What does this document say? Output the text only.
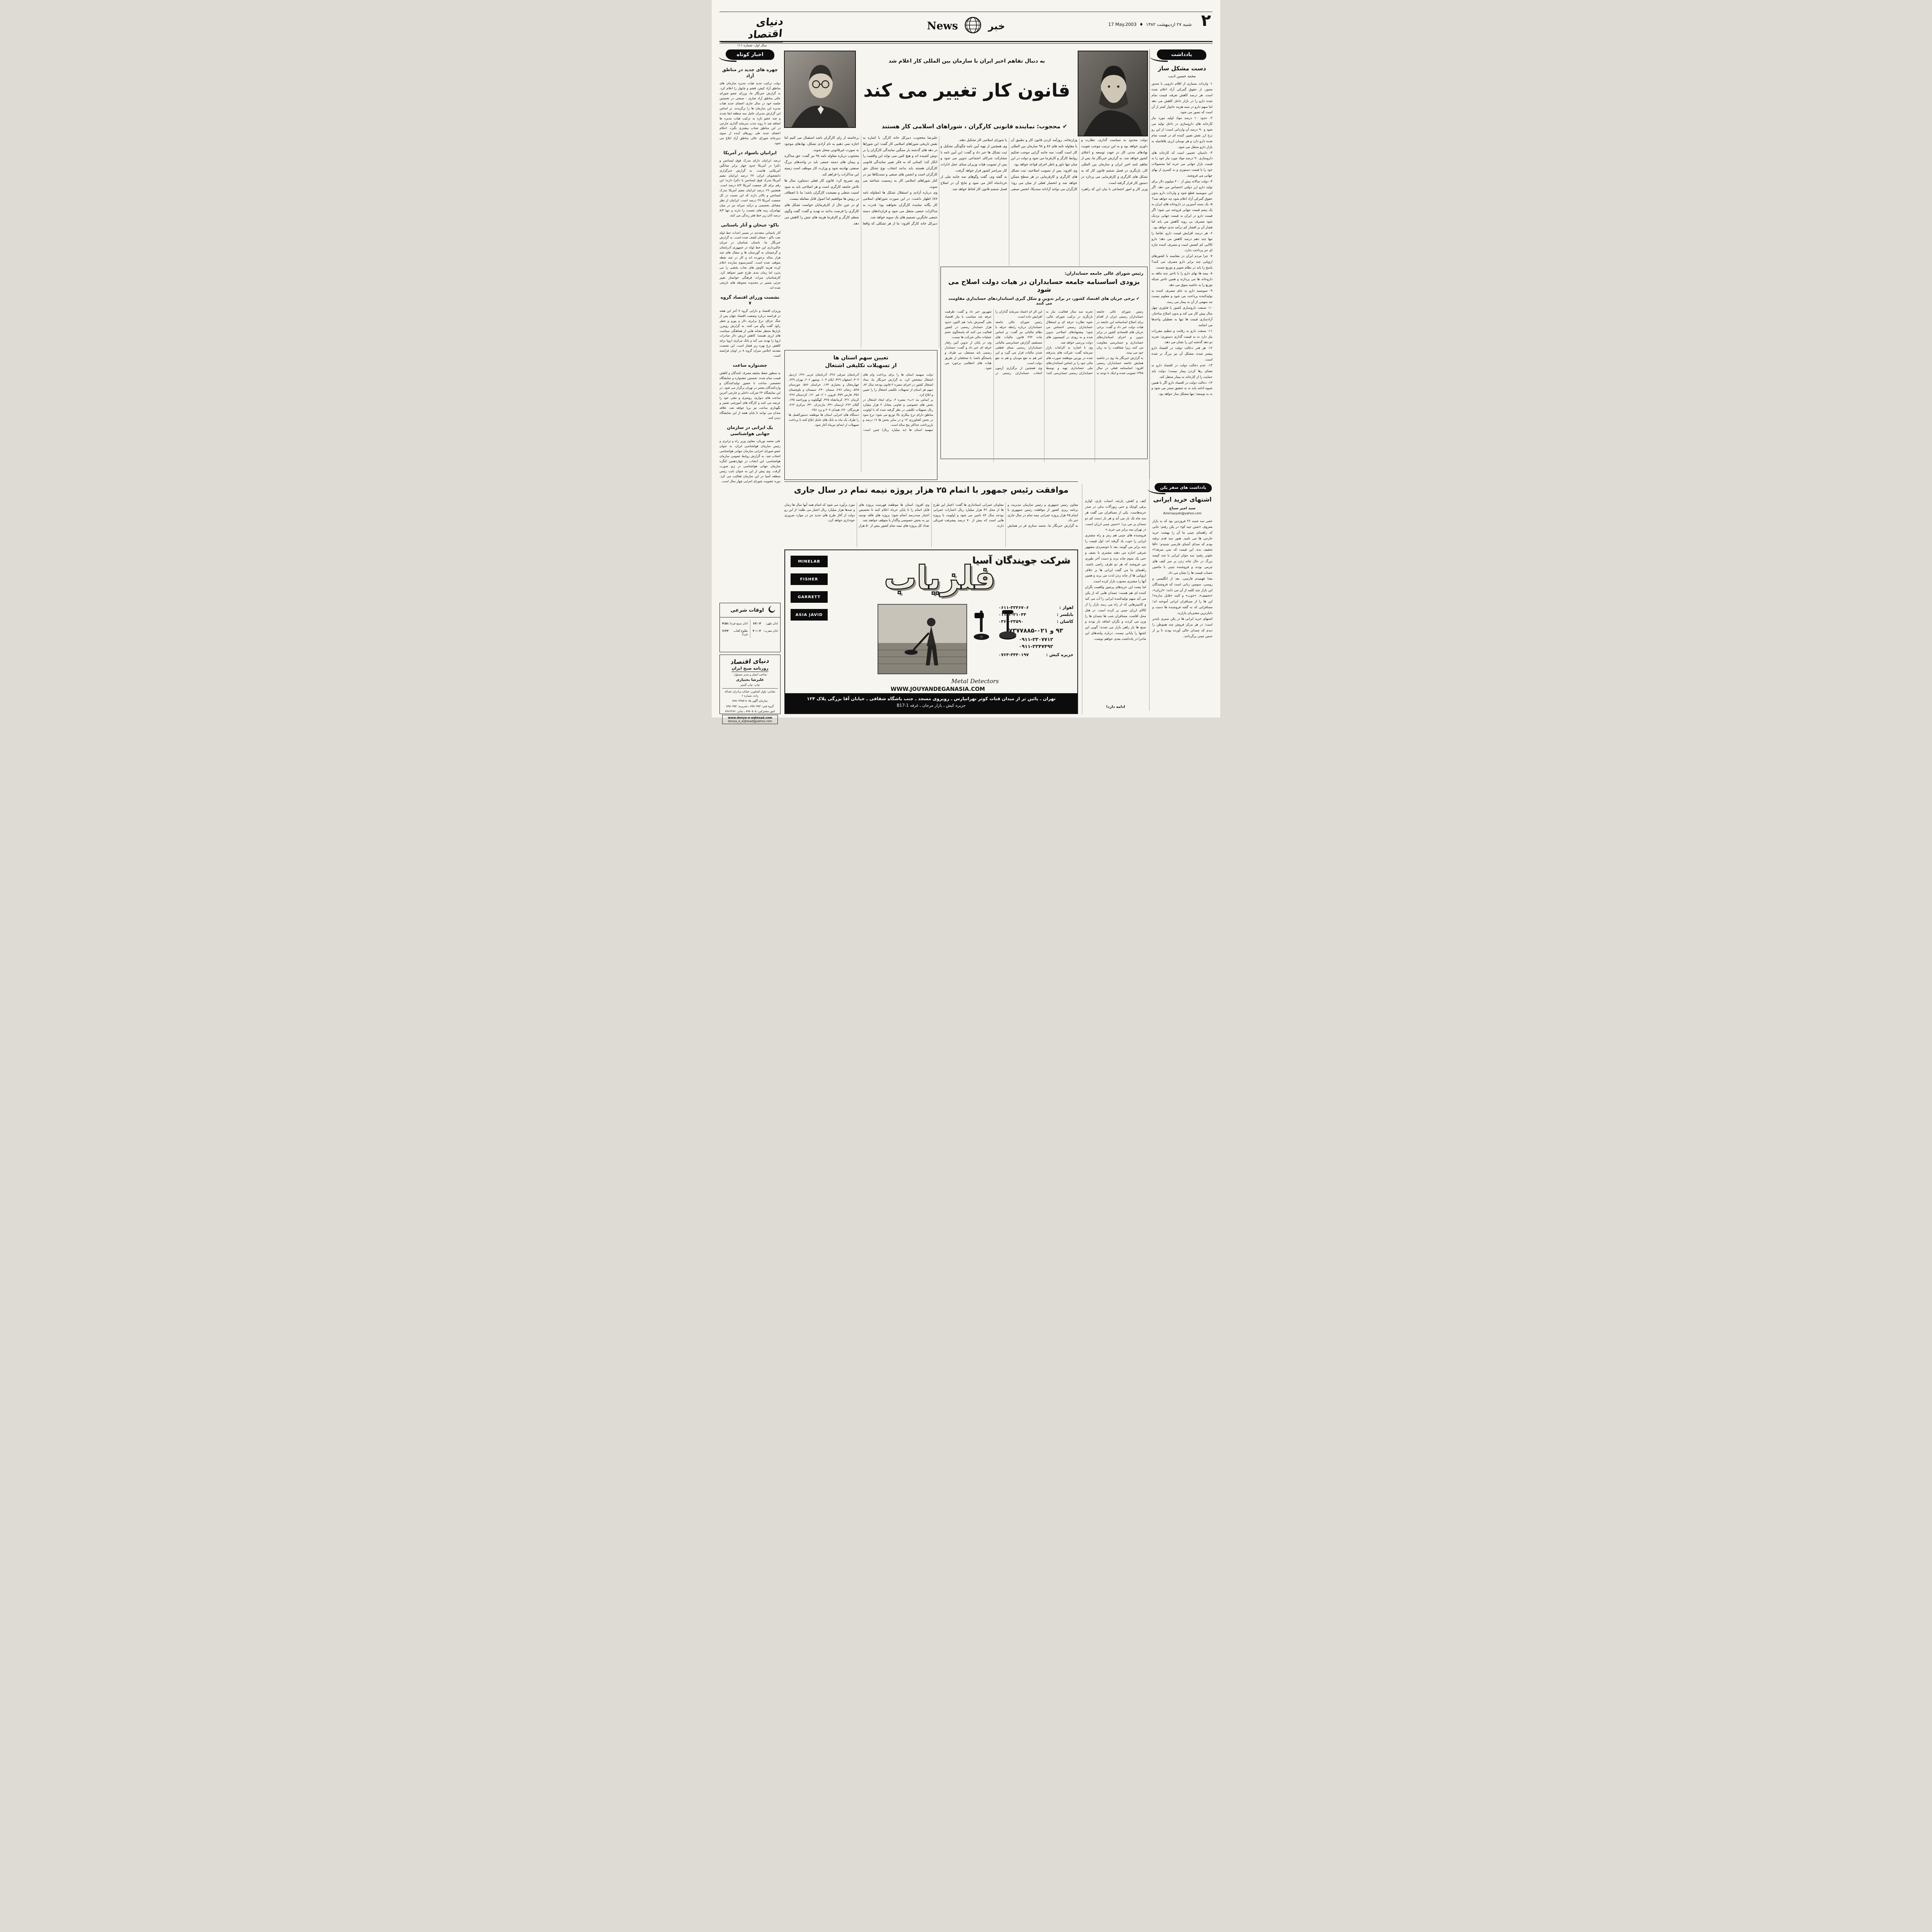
دنیای اقتصاد
سال اول- شماره ۱۱۱
خبر
News	شنبه ۲۷ اردیبهشت ۱۳۸۲
♦
17 May.2003	۲
یادداشت
دست مشکل ساز
محمد حسین ادیب
۱- واردات بسیاری از اقلام دارویی با صدور مجوز، از حقوق گمرکی آزاد اعلام شده است. هر درصد کاهش تعرفه، قیمت تمام شده دارو را در بازار داخل کاهش می دهد اما سهم دارو در سبد هزینه خانوار کمتر از آن است که تصور می شود.
۲- حدود ۱۰ درصد مواد اولیه مورد نیاز کارخانه های داروسازی در داخل تولید می شود و ۹۰ درصد آن وارداتی است؛ از این رو نرخ ارز نقش تعیین کننده ای در قیمت تمام شده دارو دارد و هر نوسان ارزی بلافاصله به بازار دارو منتقل می شود.
۳- داستان عجیبی است که کارخانه های داروسازی ۹۰ درصد مواد مورد نیاز خود را به قیمت بازار جهانی می خرند اما محصولات خود را با قیمت دستوری و به کسری از بهای جهانی می فروشند.
۴- دولت سالانه بیش از ۲۰۰ میلیون دلار برای تولید دارو ارز دولتی اختصاص می دهد. اگر این سوبسید قطع شود و واردات دارو بدون حقوق گمرکی آزاد اعلام شود چه خواهد شد؟
۵- یک بسته آسپرین در داروخانه های ایران به یک پنجم قیمت جهانی فروخته می شود؛ اگر قیمت دارو در ایران به قیمت جهانی نزدیک شود مصرف بی رویه کاهش می یابد اما فشار آن بر اقشار کم درآمد جدی خواهد بود.
۶- هر درصد افزایش قیمت دارو، تقاضا را تنها چند دهم درصد کاهش می دهد؛ دارو کالایی کم کشش است و مصرف کننده چاره ای جز پرداخت ندارد.
۷- چرا مردم ایران در مقایسه با کشورهای اروپایی چند برابر دارو مصرف می کنند؟ پاسخ را باید در نظام تجویز و توزیع جست.
۸- بیمه ها بهای دارو را با تاخیر چند ماهه به داروخانه ها می پردازند و همین تاخیر شبکه توزیع را به حاشیه سوق می دهد.
۹- سوبسید دارو به جای مصرف کننده به تولیدکننده پرداخت می شود و معلوم نیست چه سهمی از آن به بیمار می رسد.
۱۰- صنعت داروسازی کشور با فناوری چهل سال پیش کار می کند و بدون اصلاح ساختار، آزادسازی قیمت ها تنها به تعطیلی واحدها می انجامد.
۱۱- صنعت دارو به رقابت و تنظیم مقررات نیاز دارد نه به قیمت گذاری دستوری؛ تجربه دو دهه گذشته این را نشان می دهد.
۱۲- هر قدر دخالت دولت در اقتصاد دارو بیشتر شده، مشکل آن نیز بزرگ تر شده است.
۱۳- عدم دخالت دولت در اقتصاد دارو به معنای رها کردن بیمار نیست؛ دولت باید حمایت را از کارخانه به بیمار منتقل کند.
۱۴- دخالت دولت در اقتصاد دارو اگر با همین شیوه ادامه یابد نه به تحقیق منجر می شود و نه به توسعه؛ تنها مشکل ساز خواهد بود.
به دنبال تفاهم اخیر ایران با سازمان بین المللی کار اعلام شد
قانون کار تغییر می کند
✔ محجوب: نماینده قانونی کارگران ، شوراهای اسلامی کار هستند
دولت محدود به سیاست گذاری، نظارت و داوری خواهد بود و به این ترتیب موجب تقویت نهادهای مدنی کار در جهت توسعه و اعتلای کشور خواهد شد. به گزارش خبرنگار ما، پس از تفاهم نامه اخیر ایران و سازمان بین المللی کار، بازنگری در فصل ششم قانون کار که به تشکل های کارگری و کارفرمایی می پردازد در دستور کار قرار گرفته است.
وزیر کار و امور اجتماعی با بیان این که راهبرد وزارتخانه، روزآمد کردن قانون کار و تطبیق آن با مقاوله نامه های ۸۷ و ۹۸ سازمان بین المللی کار است گفت: سه جانبه گرایی موجب تحکیم روابط کارگر و کارفرما می شود و دولت در این میان تنها داور و ناظر اجرای قواعد خواهد بود.
وی افزود: پس از تصویب اصلاحیه، ثبت تشکل های کارگری و کارفرمایی در هر سطح ممکن خواهد شد و انحصار فعلی از میان می رود؛ کارگران می توانند آزادانه سندیکا، انجمن صنفی یا شورای اسلامی کار تشکیل دهند.
وی همچنین از تهیه آیین نامه چگونگی تشکیل و ثبت تشکل ها خبر داد و گفت: این آیین نامه با مشارکت شرکای اجتماعی تدوین می شود و پس از تصویب هیات وزیران مبنای عمل ادارات کار سراسر کشور قرار خواهد گرفت.
به گفته وی، گفت وگوهای سه جانبه ملی از خردادماه آغاز می شود و نتایج آن در اصلاح فصل ششم قانون کار لحاظ خواهد شد.
علیرضا محجوب، دبیرکل خانه کارگر، با اشاره به نقش تاریخی شوراهای اسلامی کار گفت: این شوراها در دهه های گذشته بار سنگین نمایندگی کارگران را بر دوش کشیده اند و هیچ کس نمی تواند این واقعیت را انکار کند؛ کسانی که به فکر تغییر نمایندگی قانونی کارگران هستند باید بدانند انتخاب نوع تشکل حق کارگران است و انجمن های صنفی و سندیکاها نیز در کنار شوراهای اسلامی کار به رسمیت شناخته می شوند.
وی درباره آزادی و استقلال تشکل ها (مقاوله نامه ۸۷) اظهار داشت: در این صورت شوراهای اسلامی کار یگانه نماینده کارگران نخواهند بود؛ قدرت به مذاکرات جمعی منتقل می شود و قراردادهای دسته جمعی جایگزین تصمیم های یک سویه خواهد شد.
دبیرکل خانه کارگر افزود: ما از هر تشکلی که واقعا برخاسته از رای کارگران باشد استقبال می کنیم اما اجازه نمی دهیم به نام آزادی تشکل، نهادهای موجود به صورت غیرقانونی منحل شوند.
محجوب درباره مقاوله نامه ۹۸ نیز گفت: حق مذاکره و پیمان های دسته جمعی باید در واحدهای بزرگ صنعتی نهادینه شود و وزارت کار موظف است زمینه این مذاکرات را فراهم کند.
وی تصریح کرد: قانون کار فعلی دستاورد سال ها تلاش جامعه کارگری است و هر اصلاحی باید به سود امنیت شغلی و معیشت کارگران باشد؛ ما با انعطاف در روش ها موافقیم اما اصول قابل معامله نیست.
او در عین حال از کارفرمایان خواست تشکل های کارگری را فرصت بدانند نه تهدید و گفت: گفت وگوی منظم کارگر و کارفرما هزینه های تنش را کاهش می دهد.
اخبار کوتاه
چهره های جدید در مناطق آزاد
دولت ترکیب جدید هیات مدیره سازمان های مناطق آزاد کیش، قشم و چابهار را اعلام کرد. به گزارش خبرنگار ما، وزرای عضو شورای عالی مناطق آزاد تجاری - صنعتی در نخستین جلسه خود در سال جاری اعضای جدید هیات مدیره این سازمان ها را برگزیدند. بر اساس این گزارش مدیران عامل سه منطقه ابقا شدند و چند عضو تازه به ترکیب هیات مدیره ها اضافه شد تا روند جذب سرمایه گذاری خارجی در این مناطق شتاب بیشتری بگیرد. احکام اعضای جدید طی روزهای آینده از سوی دبیرخانه شورای عالی مناطق آزاد ابلاغ می شود.
ایرانیان باسواد در آمریکا
درصد ایرانیان دارای مدرک فوق لیسانس و دکترا در آمریکا حدود چهار برابر میانگین آمریکایی هاست. به گزارش خبرگزاری دانشجویان ایران، ۲۷ درصد ایرانیان مقیم آمریکا مدرک فوق لیسانس یا دکترا دارند؛ این رقم برای کل جمعیت آمریکا ۸/۴ درصد است. همچنین ۶۹ درصد ایرانیان مقیم آمریکا مدرک لیسانس و بالاتر دارند که این نسبت در کل جمعیت آمریکا ۲۷ درصد است. ایرانیان از نظر مشاغل تخصصی و درآمد سرانه نیز در میان مهاجران رتبه های نخست را دارند و تنها ۸/۴ درصد آنان زیر خط فقر زندگی می کنند.
باکو- جیحان و آثار باستانی
آثار باستانی متعددی در مسیر احداث خط لوله نفت باکو - جیحان کشف شده است. به گزارش خبرنگار ما، باستان شناسان در جریان خاکبرداری این خط لوله در جمهوری آذربایجان و گرجستان به گورستان ها و سفال های چند هزار ساله برخورده اند و کار در چند نقطه متوقف شده است. کنسرسیوم سازنده اعلام کرده هزینه کاوش های نجات بخشی را می پذیرد اما زمان بندی طرح تغییر نخواهد کرد. کارشناسان میراث فرهنگی خواستار تغییر جزئی مسیر در محدوده محوطه های تاریخی شده اند.
نشست وزرای اقتصاد گروه ۷
وزیران اقتصاد و دارایی گروه ۷ آخر این هفته در فرانسه درباره وضعیت اقتصاد جهان پس از جنگ عراق، نرخ برابری دلار و یورو و خطر رکود گفت وگو می کنند. به گزارش رویترز، بازارها منتظر نشانه هایی از هماهنگی سیاست های ارزی هستند؛ کاهش ارزش دلار صادرات اروپا را تهدید می کند و بانک مرکزی اروپا برای کاهش نرخ بهره زیر فشار است. این نشست مقدمه اجلاس سران گروه ۸ در اویان فرانسه است.
جشنواره ساعت
به منظور حفظ سلیقه مصرف کنندگان و کاهش قیمت تمام شده، نخستین جشنواره و نمایشگاه تخصصی ساعت با حضور تولیدکنندگان و واردکنندگان معتبر در تهران برگزار می شود. در این نمایشگاه ۲۴ شرکت داخلی و خارجی آخرین ساعت های دیواری، رومیزی و مچی خود را عرضه می کنند و کارگاه های آموزشی تعمیر و نگهداری ساعت نیز برپا خواهد شد. علاقه مندان می توانند تا پایان هفته از این نمایشگاه دیدن کنند.
یک ایرانی در سازمان جهانی هواشناسی
علی محمد نوریان، معاون وزیر راه و ترابری و رئیس سازمان هواشناسی ایران، به عنوان عضو شورای اجرایی سازمان جهانی هواشناسی انتخاب شد. به گزارش روابط عمومی سازمان هواشناسی، این انتخاب در چهاردهمین کنگره سازمان جهانی هواشناسی در ژنو صورت گرفت. وی پیش از این به عنوان نایب رئیس منطقه آسیا در این سازمان فعالیت می کرد. دوره عضویت شورای اجرایی چهار سال است.
تعیین سهم استان ها
از تسهیلات تکلیفی اشتغال
دولت سهمیه استان ها را برای پرداخت وام های اشتغال مشخص کرد. به گزارش خبرنگار ما، ستاد اشتغال کشور در اجرای تبصره ۳ قانون بودجه سال ۸۲، سهم هر استان از تسهیلات تکلیفی اشتغال زا را تعیین و ابلاغ کرد.
بر اساس بند «ب» تبصره ۳، برای ایجاد اشتغال در بخش های خصوصی و تعاونی معادل ۳ هزار میلیارد ریال تسهیلات تکلیفی در نظر گرفته شده که با اولویت مناطق دارای نرخ بیکاری بالا توزیع می شود؛ نرخ سود در بخش کشاورزی ۱۳ و در سایر بخش ها ۱۶ درصد و بازپرداخت حداکثر پنج ساله است.
سهمیه استان ها (به میلیارد ریال) چنین است: آذربایجان شرقی ۳۲۸، آذربایجان غربی ۲۳۶، اردبیل ۳۰۴، اصفهان ۴۲۹، ایلام ۱۰۳، بوشهر ۲۰۶، تهران ۶۳۹، چهارمحال و بختیاری ۱۶۴، خراسان ۵۸۶، خوزستان ۵۶۵، زنجان ۲۸۶، سمنان ۲۴۰، سیستان و بلوچستان ۴۵۶، فارس ۴۵۹، قزوین ۲۰۱، قم ۱۷۰، کردستان ۳۶۷، کرمان ۳۲۱، کرمانشاه ۴۲۵، کهگیلویه و بویراحمد ۱۴۵، گیلان ۳۶۲، لرستان ۳۴۱، مازندران ۳۴۰، مرکزی ۲۶۳، هرمزگان ۲۷۰، همدان ۳۰۷ و یزد ۲۵۱.
دستگاه های اجرایی استان ها موظفند دستورالعمل ها را ظرف یک ماه به بانک های عامل ابلاغ کنند تا پرداخت تسهیلات از ابتدای تیرماه آغاز شود.
رئیس شورای عالی جامعه حسابداران:
بزودی اساسنامه جامعه حسابداران در هیات دولت اصلاح می شود
✔ برخی جریان های اقتصاد کشور، در برابر تدوین و شکل گیری استانداردهای حسابداری مقاومت می کنند
رئیس شورای عالی جامعه حسابداران رسمی ایران از اقدام برای اصلاح اساسنامه این جامعه در هیات دولت خبر داد و گفت: برخی جریان های اقتصادی کشور در برابر تدوین و اجرای استانداردهای حسابداری و حسابرسی مقاومت می کنند زیرا شفافیت را به زیان خود می بینند.
به گزارش خبرنگار ما، وی در حاشیه همایش جامعه حسابداران رسمی افزود: اساسنامه فعلی در سال ۱۳۷۸ تصویب شده و اینک با توجه به تجربه سه سال فعالیت، نیاز به بازنگری در ترکیب شورای عالی، نحوه نظارت حرفه ای و استقلال حسابداران رسمی احساس می شود؛ پیشنهادهای اصلاحی تدوین شده و به زودی در کمیسیون های دولت بررسی خواهد شد.
وی با اشاره به الزامات بازار سرمایه گفت: شرکت های پذیرفته شده در بورس موظفند صورت های مالی خود را بر اساس استانداردهای ملی حسابداری تهیه و توسط حسابداران رسمی حسابرسی کنند؛ این الز ام اعتماد سرمایه گذاران را افزایش داده است.
رئیس شورای عالی جامعه حسابداران درباره رابطه حرفه با نظام مالیاتی نیز گفت: بر اساس ماده ۲۷۲ قانون مالیات های مستقیم، گزارش حسابرسی مالیاتی حسابداران رسمی مبنای قطعی شدن مالیات قرار می گیرد و این امر هم به نفع مودیان و هم به نفع دولت است.
وی همچنین از برگزاری آزمون انتخاب حسابداران رسمی در شهریور خبر داد و گفت: ظرفیت حرفه باید متناسب با نیاز اقتصاد ملی گسترش یابد؛ هم اکنون حدود هزار حسابدار رسمی در کشور فعالیت می کنند که پاسخگوی حجم عملیات مالی شرکت ها نیست.
وی در پایان از تدوین آیین رفتار حرفه ای خبر داد و گفت: حسابدار رسمی باید مستقل، بی طرف و پاسخگو باشد؛ با متخلفان از طریق هیات های انتظامی برخورد می شود.
موافقت رئیس جمهور با اتمام ۲۵ هزار پروژه نیمه تمام در سال جاری
معاون رئیس جمهوری و رئیس سازمان مدیریت و برنامه ریزی کشور از موافقت رئیس جمهوری با اتمام ۲۵ هزار پروژه عمرانی نیمه تمام در سال جاری خبر داد.
به گزارش خبرنگار ما، محمد ستاری فر در همایش معاونان عمرانی استانداری ها گفت: اعتبار این طرح ها از محل ۴۶ هزار میلیارد ریال اعتبارات عمرانی بودجه سال ۸۲ تامین می شود و اولویت با پروژه هایی است که بیش از ۷۰ درصد پیشرفت فیزیکی دارند.
وی افزود: استان ها موظفند فهرست پروژه های قابل اتمام را تا پایان خرداد اعلام کنند تا تخصیص اعتبار صددرصد انجام شود؛ پروژه های فاقد توجیه نیز به بخش خصوصی واگذار یا متوقف خواهند شد.
تعداد کل پروژه های نیمه تمام کشور بیش از ۵۰ هزار مورد برآورد می شود که اتمام همه آنها سال ها زمان و صدها هزار میلیارد ریال اعتبار می طلبد؛ از این رو دولت از آغاز طرح های جدید جز در موارد ضروری خودداری خواهد کرد.
یادداشت های سفر پکن
اشتهای خرید ایرانی
سید امیر سیاح
Amirsayyah@yahoo.com
عصر سه شنبه ۲۶ فروردین بود که به بازار معروف «شین جیه کو» در پکن رفتم؛ جایی که راهنمای چینی ما آن را بهشت خرید خارجی ها می نامید. هنوز چند قدم نرفته بودم که صدای آشنای فارسی شنیدم: «آقا تخفیف بده، این قیمت که نمی صرفد!» جلوتر رفتم؛ سه جوان ایرانی با چند کیسه بزرگ در حال چانه زدن بر سر کیف های چرمی بودند و فروشنده چینی با ماشین حساب قیمت ها را نشان می داد.
بعدا فهمیدم فارسی، بعد از انگلیسی و روسی، سومین زبانی است که فروشندگان این بازار چند کلمه از آن می دانند: «ارزان»، «تخفیف»، «خوب» و البته «قابل نداره»! این ها را از مسافران ایرانی آموخته اند؛ مسافرانی که به گفته فروشنده ها دست و دلبازترین مشتریان بازارند.
اشتهای خرید ایرانی ها در پکن سیری ناپذیر است؛ در هر مرکز فروش چند هموطن را دیدم که چمدان خالی آورده بودند تا پر از جنس چینی برگردانند.
کیف و کفش، پارچه، اسباب بازی، لوازم برقی کوچک و حتی زیورآلات بدلی در صدر خریدهاست. یکی از مسافران می گفت هر سه ماه یک بار می آید و هر بار دست کم دو چمدان پر می برد؛ «جنس چینی ارزان است، در تهران سه برابر می خرند.»
فروشنده های چینی هم رمز و راه مشتری ایرانی را خوب یاد گرفته اند: اول قیمت را چند برابر می گویند، بعد با خونسردی مشهور شرقی اجازه می دهند مشتری تا نصف و حتی یک سوم چانه بزند و دست آخر طوری می فروشند که هر دو طرف راضی باشند. راهنمای ما می گفت ایرانی ها بر خلاف اروپایی ها از چانه زدن لذت می برند و همین آنها را مشتری محبوب بازار کرده است.
اما پشت این خریدهای پرشور واقعیت نگران کننده ای هم هست: چمدان هایی که از پکن می آید سهم تولیدکننده ایرانی را آب می کند و کانتینرهایی که از راه می رسد بازار را از کالای ارزان چینی پر کرده است. در هتل محل اقامت، مسافران شب ها چمدان ها را وزن می کردند و نگران اضافه بار بودند و صبح ها باز راهی بازار می شدند؛ گویی این اشتها را پایانی نیست. درباره پیامدهای این ماجرا در یادداشت بعدی خواهم نوشت.
ادامه دارد!
شرکت جویندگان آسیا
فلزیاب
MINELAB
FISHER
GARRETT
ASIA JAVID

اهواز :
۰۶۱۱-۳۳۴۶۷۰۶
بابلسر :
۰۱۱۵۲-۲۱۰۴۴
کاشان :
۰۳۶۱-۲۳۵۹۰
۹۳ و ۰۲۱-۷۳۷۷۸۸۵
۰۹۱۱-۲۳۰۷۷۱۲
۰۹۱۱-۲۲۴۷۴۹۲
جزیره کیش :
۰۷۶۴-۴۴۴۰۱۹۷
Metal Detectors
WWW.JOUYANDEGANASIA.COM
تهران ـ پائین تر از میدان قنات کوثر تهرانپارس ـ روبروی مسجد ـ جنب باشگاه شقاقی ـ خیابان آقا بزرگی پلاک ۱۲۴
جزیره کیش ـ بازار مرجان ـ غرفه B17-1
اوقات شرعی
اذان ظهر:
۱۳:۰۳
اذان صبح فردا:
۴:۵۱
اذان مغرب:
۲۰:۰۲
طلوع آفتاب فردا:
۶:۲۲
دنیای اقتصاد
روزنامه صبح ایران
صاحب امتیاز و مدیر مسئول:
علیرضا بختیاری
چاپ: چاپ گستر
نشانی: بلوار کشاورز، خیابان برادران عبداله زاده، شماره ۶
سازمان آگهی ها: ۸-۸۹۸۰۴۲۵۷
گروه فنی: ۸۹۸۰۴۵۲ ـ تحریریه: ۸۹۸۰۴۵۲
امور مشترکین: ۸۹۸۰۵۰۵ ـ نمابر: ۸۹۶۶۲۸۶
www.donya-e-eqtesad.com
donya_e_eqtesad@yahoo.com
